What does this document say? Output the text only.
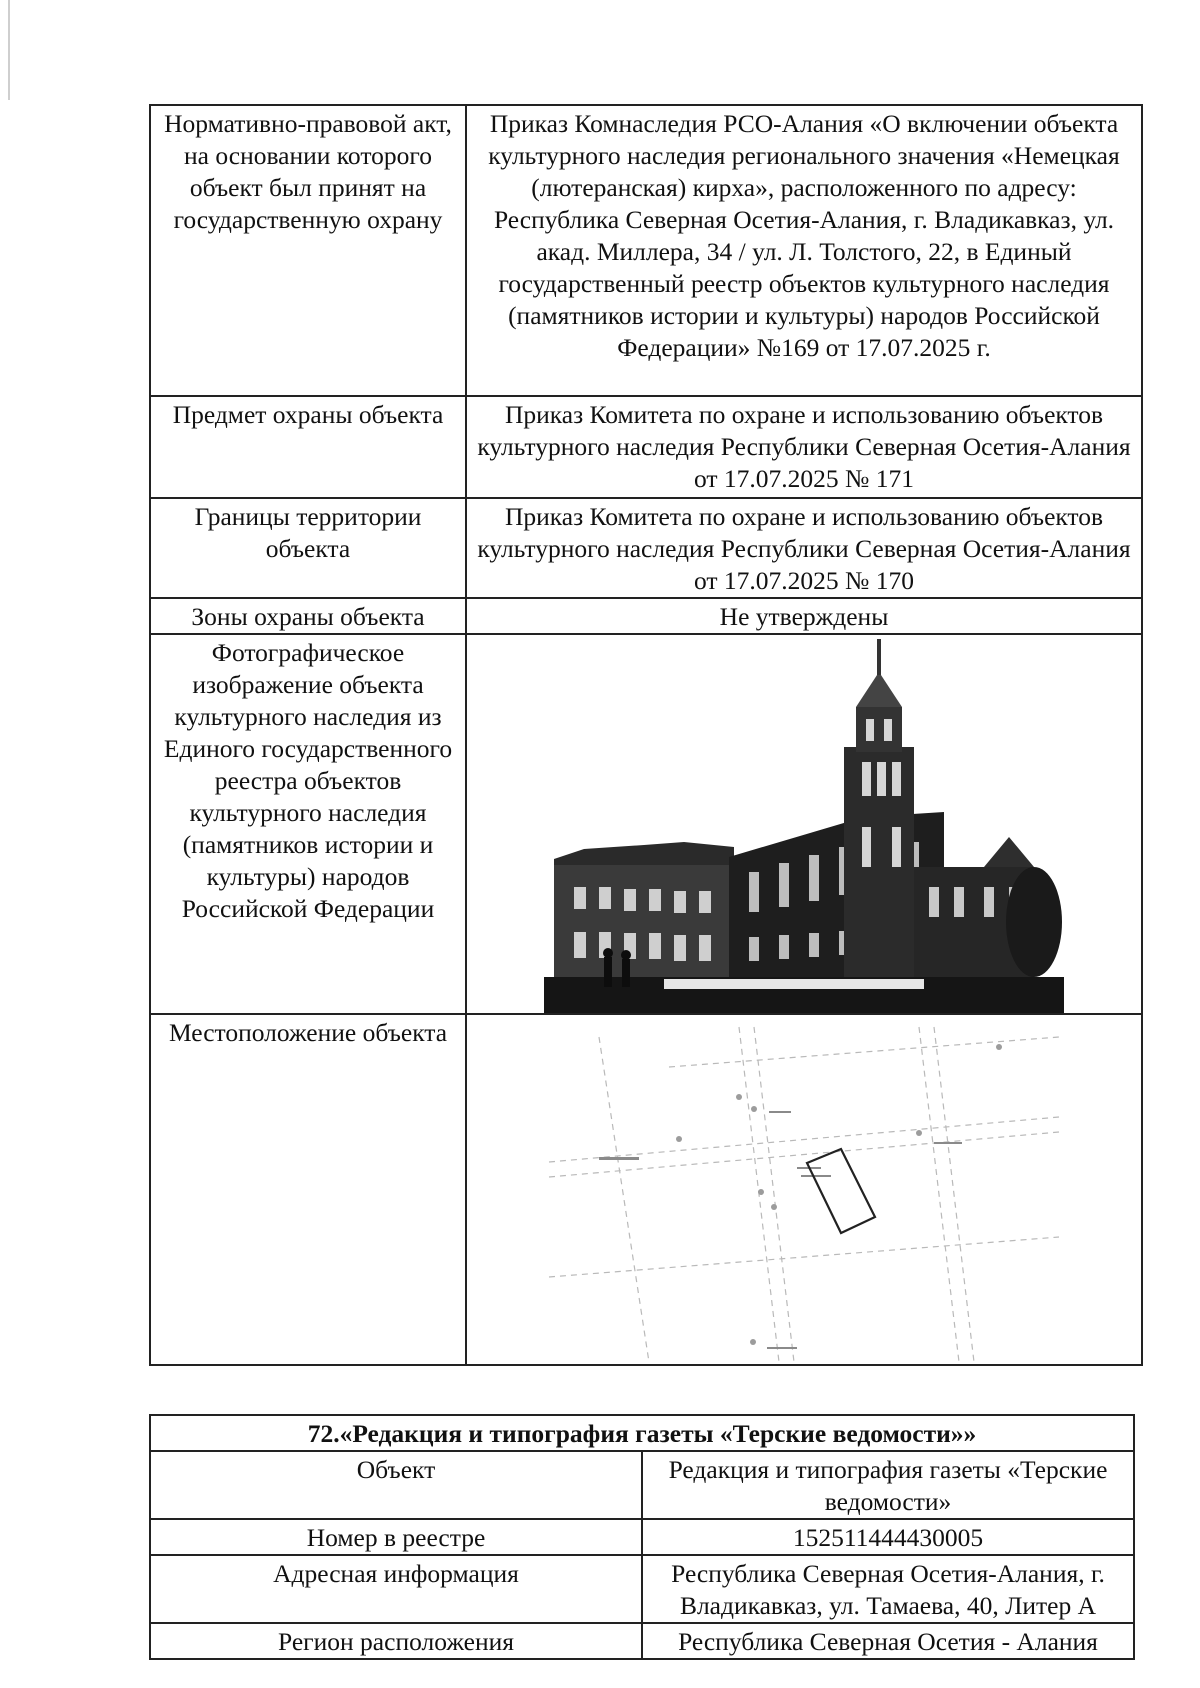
Нормативно-правовой акт, на основании которого объект был принят на государственную охрану	Приказ Комнаследия РСО-Алания «О включении объекта культурного наследия регионального значения «Немецкая (лютеранская) кирха», расположенного по адресу: Республика Северная Осетия-Алания, г. Владикавказ, ул. акад. Миллера, 34 / ул. Л. Толстого, 22, в Единый государственный реестр объектов культурного наследия (памятников истории и культуры) народов Российской Федерации» №169 от 17.07.2025 г.
Предмет охраны объекта	Приказ Комитета по охране и использованию объектов культурного наследия Республики Северная Осетия-Алания от 17.07.2025 № 171
Границы территории объекта	Приказ Комитета по охране и использованию объектов культурного наследия Республики Северная Осетия-Алания от 17.07.2025 № 170
Зоны охраны объекта	Не утверждены
Фотографическое изображение объекта культурного наследия из Единого государственного реестра объектов культурного наследия (памятников истории и культуры) народов Российской Федерации	

Местоположение объекта	
72.«Редакция и типография газеты «Терские ведомости»»	
Объект	Редакция и типография газеты «Терские ведомости»
Номер в реестре	152511444430005
Адресная информация	Республика Северная Осетия-Алания, г. Владикавказ, ул. Тамаева, 40, Литер А
Регион расположения	Республика Северная Осетия - Алания
